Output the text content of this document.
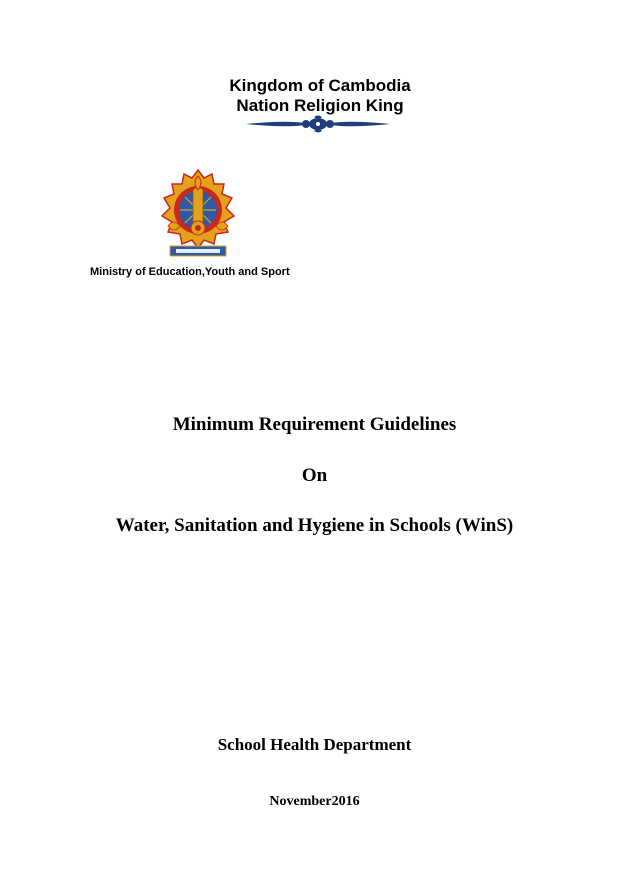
Kingdom of Cambodia
Nation Religion King
Ministry of Education,Youth and Sport
Minimum Requirement Guidelines
On
Water, Sanitation and Hygiene in Schools (WinS)
School Health Department
November2016
